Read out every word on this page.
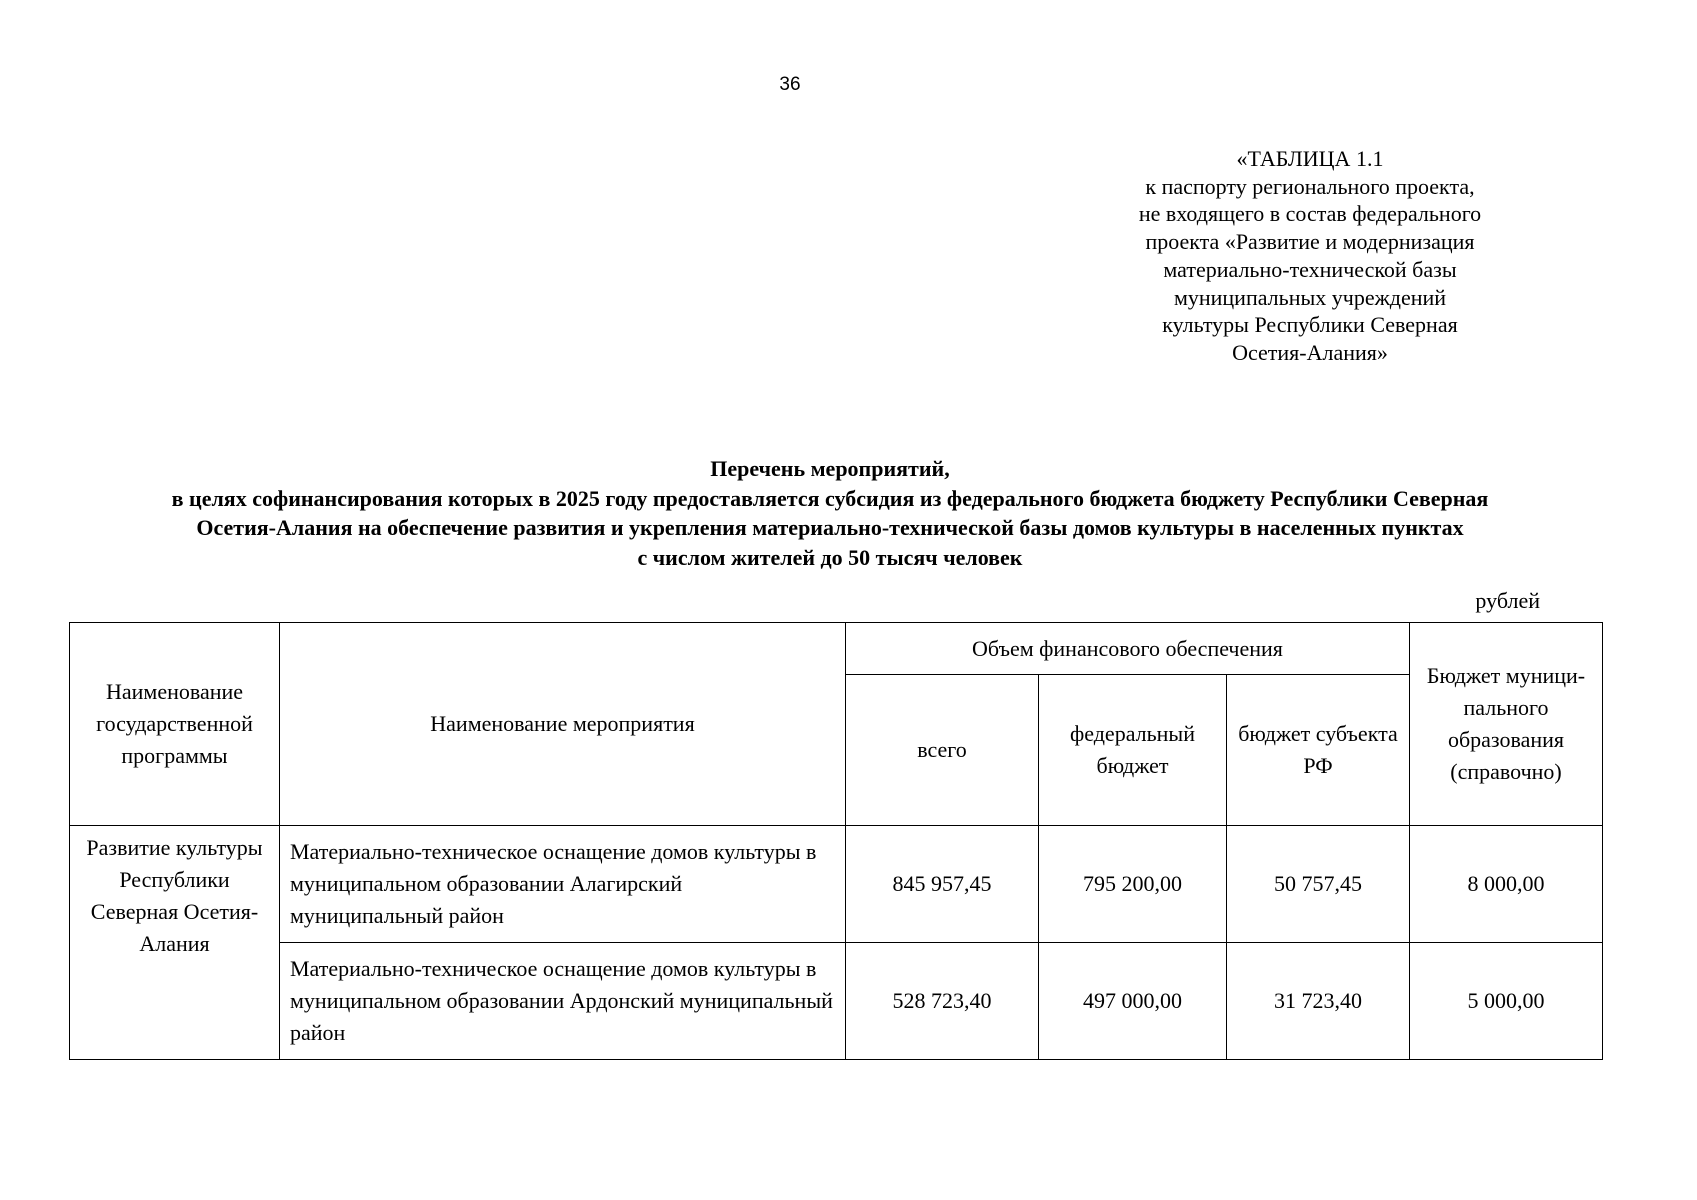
36
«ТАБЛИЦА 1.1
к паспорту регионального проекта,
не входящего в состав федерального
проекта «Развитие и модернизация
материально-технической базы
муниципальных учреждений
культуры Республики Северная
Осетия-Алания»
Перечень мероприятий,
в целях софинансирования которых в 2025 году предоставляется субсидия из федерального бюджета бюджету Республики Северная
Осетия-Алания на обеспечение развития и укрепления материально-технической базы домов культуры в населенных пунктах
с числом жителей до 50 тысяч человек
рублей
Наименование государственной программы	Наименование мероприятия	Объем финансового обеспечения			Бюджет муници-пального образования (справочно)
		всего	федеральный бюджет	бюджет субъекта РФ	
Развитие культуры Республики Северная Осетия-Алания	Материально-техническое оснащение домов культуры в муниципальном образовании Алагирский муниципальный район	845 957,45	795 200,00	50 757,45	8 000,00
	Материально-техническое оснащение домов культуры в муниципальном образовании Ардонский муниципальный район	528 723,40	497 000,00	31 723,40	5 000,00
